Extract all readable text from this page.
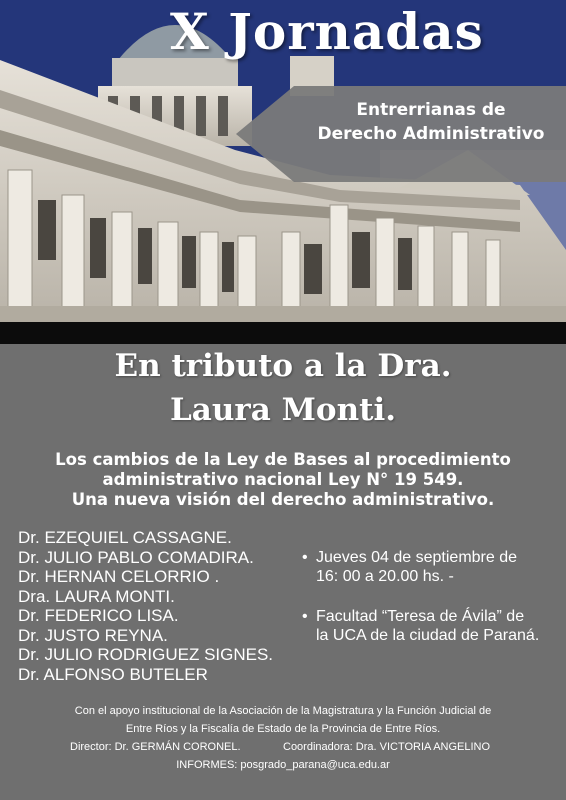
X Jornadas
Entrerrianas de
Derecho Administrativo
En tributo a la Dra.
Laura Monti.
Los cambios de la Ley de Bases al procedimiento
administrativo nacional Ley N° 19 549.
Una nueva visión del derecho administrativo.
Dr. EZEQUIEL CASSAGNE.
Dr. JULIO PABLO COMADIRA.
Dr. HERNAN CELORRIO .
Dra. LAURA MONTI.
Dr. FEDERICO LISA.
Dr. JUSTO REYNA.
Dr. JULIO RODRIGUEZ SIGNES.
Dr. ALFONSO BUTELER
• Jueves 04 de septiembre de
16: 00 a 20.00 hs. -
• Facultad “Teresa de Ávila” de
la UCA de la ciudad de Paraná.
Con el apoyo institucional de la Asociación de la Magistratura y la Función Judicial de
Entre Ríos y la Fiscalía de Estado de la Provincia de Entre Ríos.
Director: Dr. GERMÁN CORONEL.	Coordinadora: Dra. VICTORIA ANGELINO
INFORMES: posgrado_parana@uca.edu.ar
